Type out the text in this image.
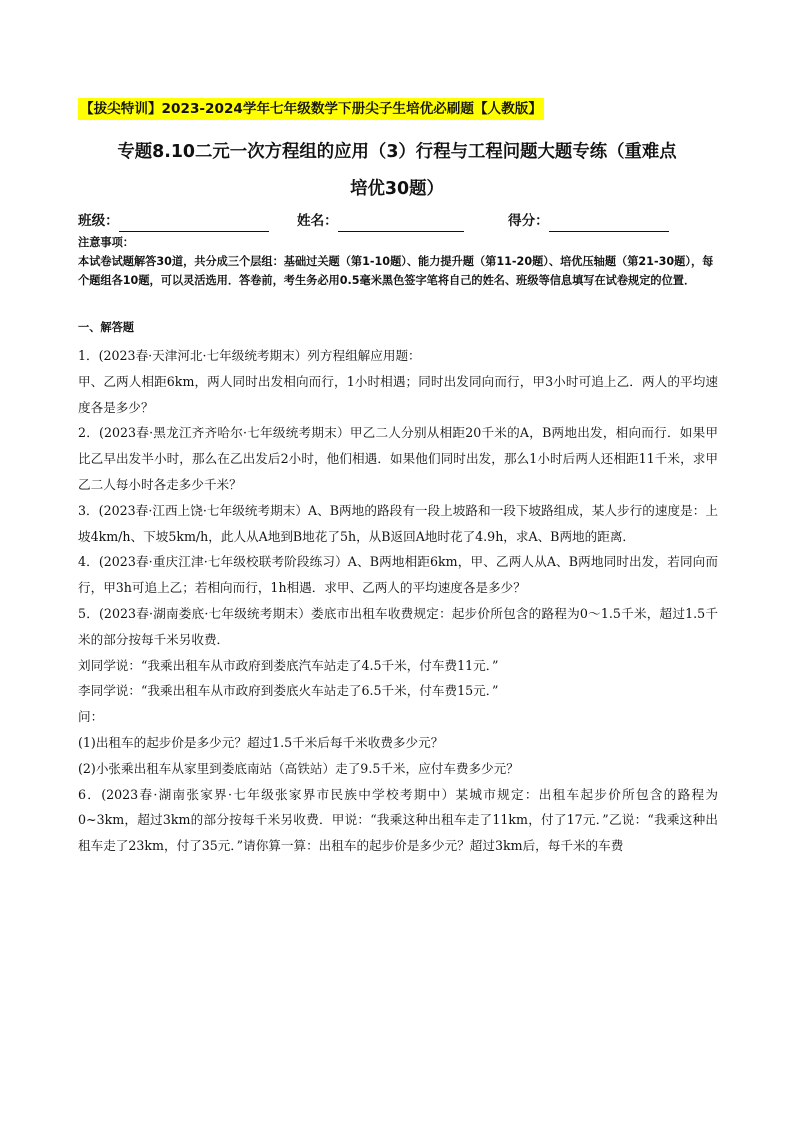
【拔尖特训】2023-2024学年七年级数学下册尖子生培优必刷题【人教版】
专题8.10二元一次方程组的应用（3）行程与工程问题大题专练（重难点
培优30题）
班级：	姓名：	得分：

注意事项：

本试卷试题解答30道，共分成三个层组：基础过关题（第1-10题）、能力提升题（第11-20题）、培优压轴题（第21-30题），每个题组各10题，可以灵活选用．答卷前，考生务必用0.5毫米黑色签字笔将自己的姓名、班级等信息填写在试卷规定的位置．

一、解答题

1．(2023春·天津河北·七年级统考期末）列方程组解应用题：

甲、乙两人相距6km，两人同时出发相向而行，1小时相遇；同时出发同向而行，甲3小时可追上乙．两人的平均速度各是多少？

2．(2023春·黑龙江齐齐哈尔·七年级统考期末）甲乙二人分别从相距20千米的A，B两地出发，相向而行．如果甲比乙早出发半小时，那么在乙出发后2小时，他们相遇．如果他们同时出发，那么1小时后两人还相距11千米，求甲乙二人每小时各走多少千米？

3．(2023春·江西上饶·七年级统考期末）A、B两地的路段有一段上坡路和一段下坡路组成，某人步行的速度是：上坡4km/h、下坡5km/h，此人从A地到B地花了5h，从B返回A地时花了4.9h，求A、B两地的距离．

4．(2023春·重庆江津·七年级校联考阶段练习）A、B两地相距6km，甲、乙两人从A、B两地同时出发，若同向而行，甲3h可追上乙；若相向而行，1h相遇．求甲、乙两人的平均速度各是多少？

5．(2023春·湖南娄底·七年级统考期末）娄底市出租车收费规定：起步价所包含的路程为0～1.5千米，超过1.5千米的部分按每千米另收费．

刘同学说：“我乘出租车从市政府到娄底汽车站走了4.5千米，付车费11元．”

李同学说：“我乘出租车从市政府到娄底火车站走了6.5千米，付车费15元．”

问：

(1)出租车的起步价是多少元？超过1.5千米后每千米收费多少元？

(2)小张乘出租车从家里到娄底南站（高铁站）走了9.5千米，应付车费多少元？

6．(2023春·湖南张家界·七年级张家界市民族中学校考期中）某城市规定：出租车起步价所包含的路程为0~3km，超过3km的部分按每千米另收费．甲说：“我乘这种出租车走了11km，付了17元．”乙说：“我乘这种出租车走了23km，付了35元．”请你算一算：出租车的起步价是多少元？超过3km后，每千米的车费
